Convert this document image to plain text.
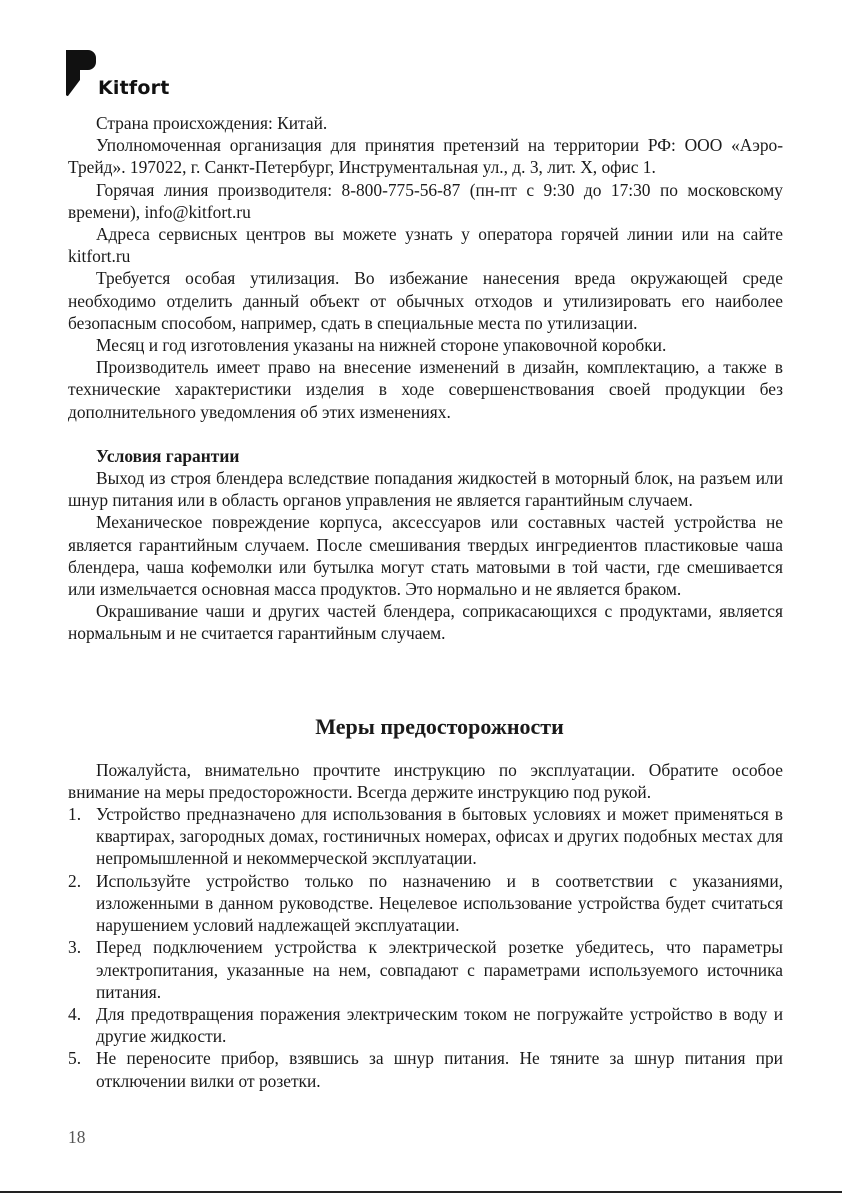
Kitfort

Страна происхождения: Китай.

Уполномоченная организация для принятия претензий на территории РФ: ООО «Аэро-Трейд». 197022, г. Санкт-Петербург, Инструментальная ул., д. 3, лит. Х, офис 1.

Горячая линия производителя: 8-800-775-56-87 (пн-пт с 9:30 до 17:30 по московскому времени), info@kitfort.ru

Адреса сервисных центров вы можете узнать у оператора горячей линии или на сайте kitfort.ru

Требуется особая утилизация. Во избежание нанесения вреда окружающей среде необходимо отделить данный объект от обычных отходов и утилизировать его наиболее безопасным способом, например, сдать в специальные места по утилизации.

Месяц и год изготовления указаны на нижней стороне упаковочной коробки.

Производитель имеет право на внесение изменений в дизайн, комплектацию, а также в технические характеристики изделия в ходе совершенствования своей продукции без дополнительного уведомления об этих изменениях.

Условия гарантии

Выход из строя блендера вследствие попадания жидкостей в моторный блок, на разъем или шнур питания или в область органов управления не является гарантийным случаем.

Механическое повреждение корпуса, аксессуаров или составных частей устройства не является гарантийным случаем. После смешивания твердых ингредиентов пластиковые чаша блендера, чаша кофемолки или бутылка могут стать матовыми в той части, где смешивается или измельчается основная масса продуктов. Это нормально и не является браком.

Окрашивание чаши и других частей блендера, соприкасающихся с продуктами, является нормальным и не считается гарантийным случаем.

Меры предосторожности

Пожалуйста, внимательно прочтите инструкцию по эксплуатации. Обратите особое внимание на меры предосторожности. Всегда держите инструкцию под рукой.

1. Устройство предназначено для использования в бытовых условиях и может применяться в квартирах, загородных домах, гостиничных номерах, офисах и других подобных местах для непромышленной и некоммерческой эксплуатации.
2. Используйте устройство только по назначению и в соответствии с указаниями, изложенными в данном руководстве. Нецелевое использование устройства будет считаться нарушением условий надлежащей эксплуатации.
3. Перед подключением устройства к электрической розетке убедитесь, что параметры электропитания, указанные на нем, совпадают с параметрами используемого источника питания.
4. Для предотвращения поражения электрическим током не погружайте устройство в воду и другие жидкости.
5. Не переносите прибор, взявшись за шнур питания. Не тяните за шнур питания при отключении вилки от розетки.
18
